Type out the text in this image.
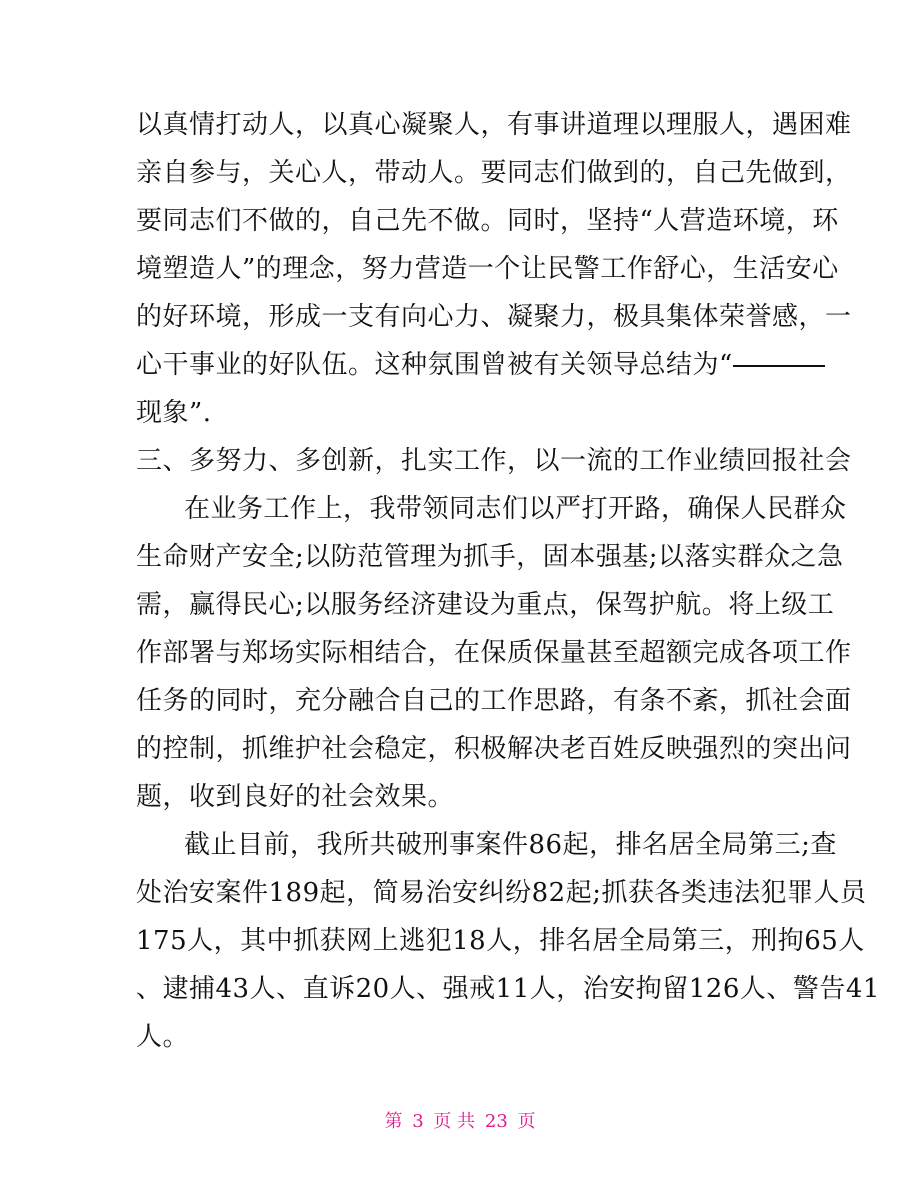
以真情打动人，以真心凝聚人，有事讲道理以理服人，遇困难
亲自参与，关心人，带动人。要同志们做到的，自己先做到，
要同志们不做的，自己先不做。同时，坚持“人营造环境，环
境塑造人”的理念，努力营造一个让民警工作舒心，生活安心
的好环境，形成一支有向心力、凝聚力，极具集体荣誉感，一
心干事业的好队伍。这种氛围曾被有关领导总结为“
现象”.
三、多努力、多创新，扎实工作，以一流的工作业绩回报社会
在业务工作上，我带领同志们以严打开路，确保人民群众
生命财产安全;以防范管理为抓手，固本强基;以落实群众之急
需，赢得民心;以服务经济建设为重点，保驾护航。将上级工
作部署与郑场实际相结合，在保质保量甚至超额完成各项工作
任务的同时，充分融合自己的工作思路，有条不紊，抓社会面
的控制，抓维护社会稳定，积极解决老百姓反映强烈的突出问
题，收到良好的社会效果。
截止目前，我所共破刑事案件86起，排名居全局第三;查
处治安案件189起，简易治安纠纷82起;抓获各类违法犯罪人员
175人，其中抓获网上逃犯18人，排名居全局第三，刑拘65人
、逮捕43人、直诉20人、强戒11人，治安拘留126人、警告41
人。
第 3 页 共 23 页
